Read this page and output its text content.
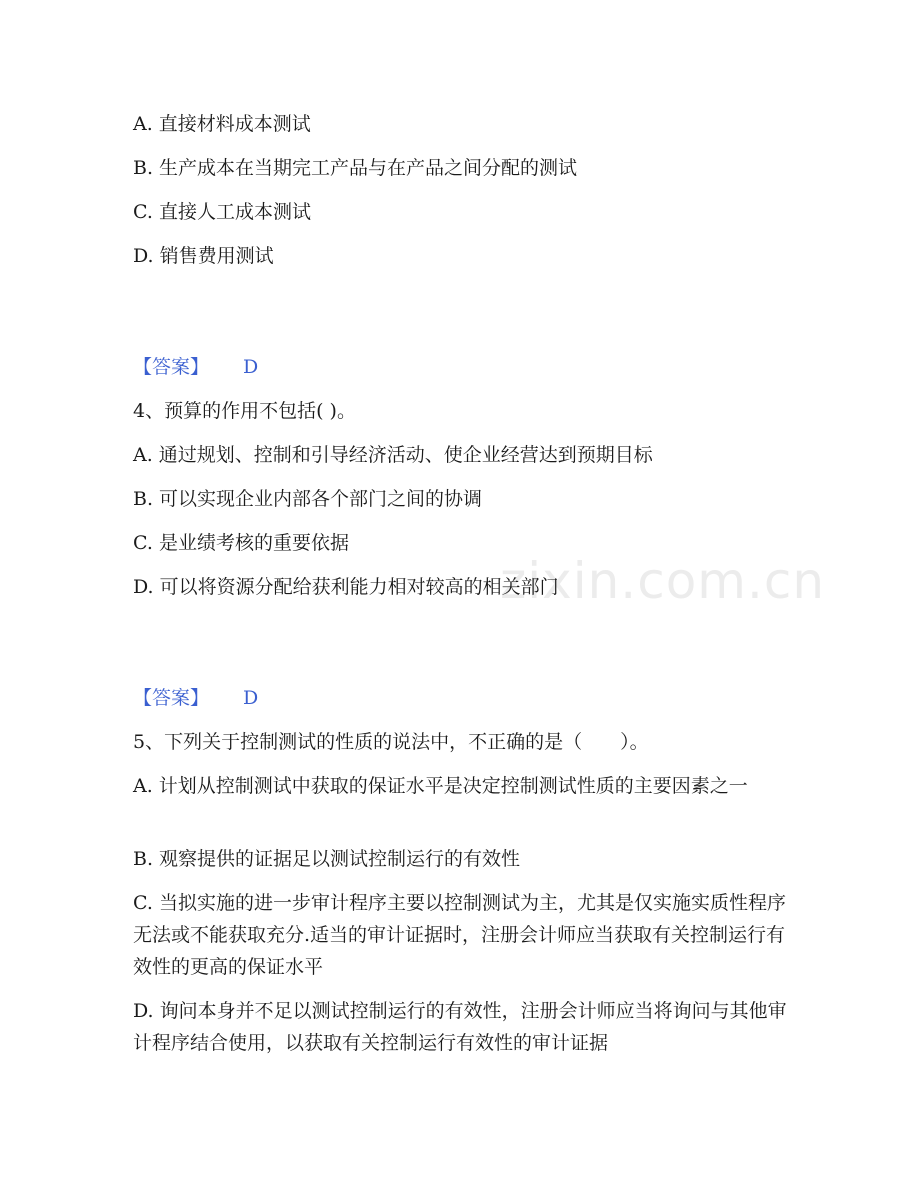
zixin.com.cn
A. 直接材料成本测试
B. 生产成本在当期完工产品与在产品之间分配的测试
C. 直接人工成本测试
D. 销售费用测试
【答案】 D
4、预算的作用不包括( )。
A. 通过规划、控制和引导经济活动、使企业经营达到预期目标
B. 可以实现企业内部各个部门之间的协调
C. 是业绩考核的重要依据
D. 可以将资源分配给获利能力相对较高的相关部门
【答案】 D
5、下列关于控制测试的性质的说法中，不正确的是（　　）。
A. 计划从控制测试中获取的保证水平是决定控制测试性质的主要因素之一
B. 观察提供的证据足以测试控制运行的有效性
C. 当拟实施的进一步审计程序主要以控制测试为主，尤其是仅实施实质性程序无法或不能获取充分.适当的审计证据时，注册会计师应当获取有关控制运行有效性的更高的保证水平
D. 询问本身并不足以测试控制运行的有效性，注册会计师应当将询问与其他审计程序结合使用，以获取有关控制运行有效性的审计证据
